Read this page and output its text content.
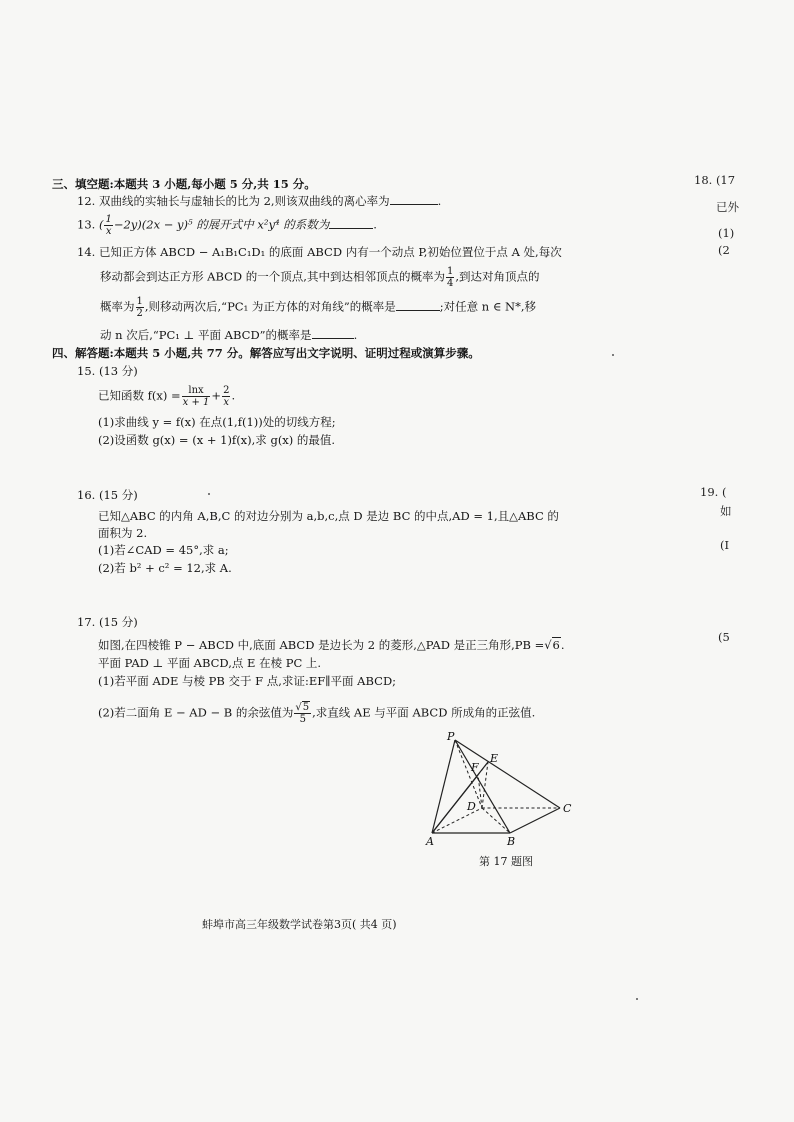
三、填空题:本题共 3 小题,每小题 5 分,共 15 分。
12. 双曲线的实轴长与虚轴长的比为 2,则该双曲线的离心率为	.
13. ( $\frac{1}{x} -2y)(2x - y)^5$ 的展开式中 x²y⁴ 的系数为	.
14. 已知正方体 ABCD − A₁B₁C₁D₁ 的底面 ABCD 内有一个动点 P,初始位置位于点 A 处,每次
移动都会到达正方形 ABCD 的一个顶点,其中到达相邻顶点的概率为 $\frac{1}{4}$ ,到达对角顶点的
概率为 $\frac{1}{2}$ ,则移动两次后,“PC₁ 为正方体的对角线”的概率是	;对任意 n ∈ N*,移
动 n 次后,“PC₁ ⊥ 平面 ABCD”的概率是	.
四、解答题:本题共 5 小题,共 77 分。解答应写出文字说明、证明过程或演算步骤。
15. (13 分)
已知函数 $f(x) = \frac{\ln x}{x + 1} + \frac{2}{x}$ .
(1)求曲线 y = f(x) 在点(1,f(1))处的切线方程;
(2)设函数 g(x) = (x + 1)f(x),求 g(x) 的最值.
16. (15 分)
已知△ABC 的内角 A,B,C 的对边分别为 a,b,c,点 D 是边 BC 的中点,AD = 1,且△ABC 的
面积为 2.
(1)若∠CAD = 45°,求 a;
(2)若 b² + c² = 12,求 A.
17. (15 分)
如图,在四棱锥 P − ABCD 中,底面 ABCD 是边长为 2 的菱形,△PAD 是正三角形,PB =√6.
平面 PAD ⊥ 平面 ABCD,点 E 在棱 PC 上.
(1)若平面 ADE 与棱 PB 交于 F 点,求证:EF∥平面 ABCD;
(2)若二面角 E − AD − B 的余弦值为 $\frac{√5}{5}$ ,求直线 AE 与平面 ABCD 所成角的正弦值.
P
E
F
D	C
A	B
第 17 题图
蚌埠市高三年级数学试卷第3页( 共4 页)
18. (17
已外
(1)
(2
19. (
如
(I
(5
